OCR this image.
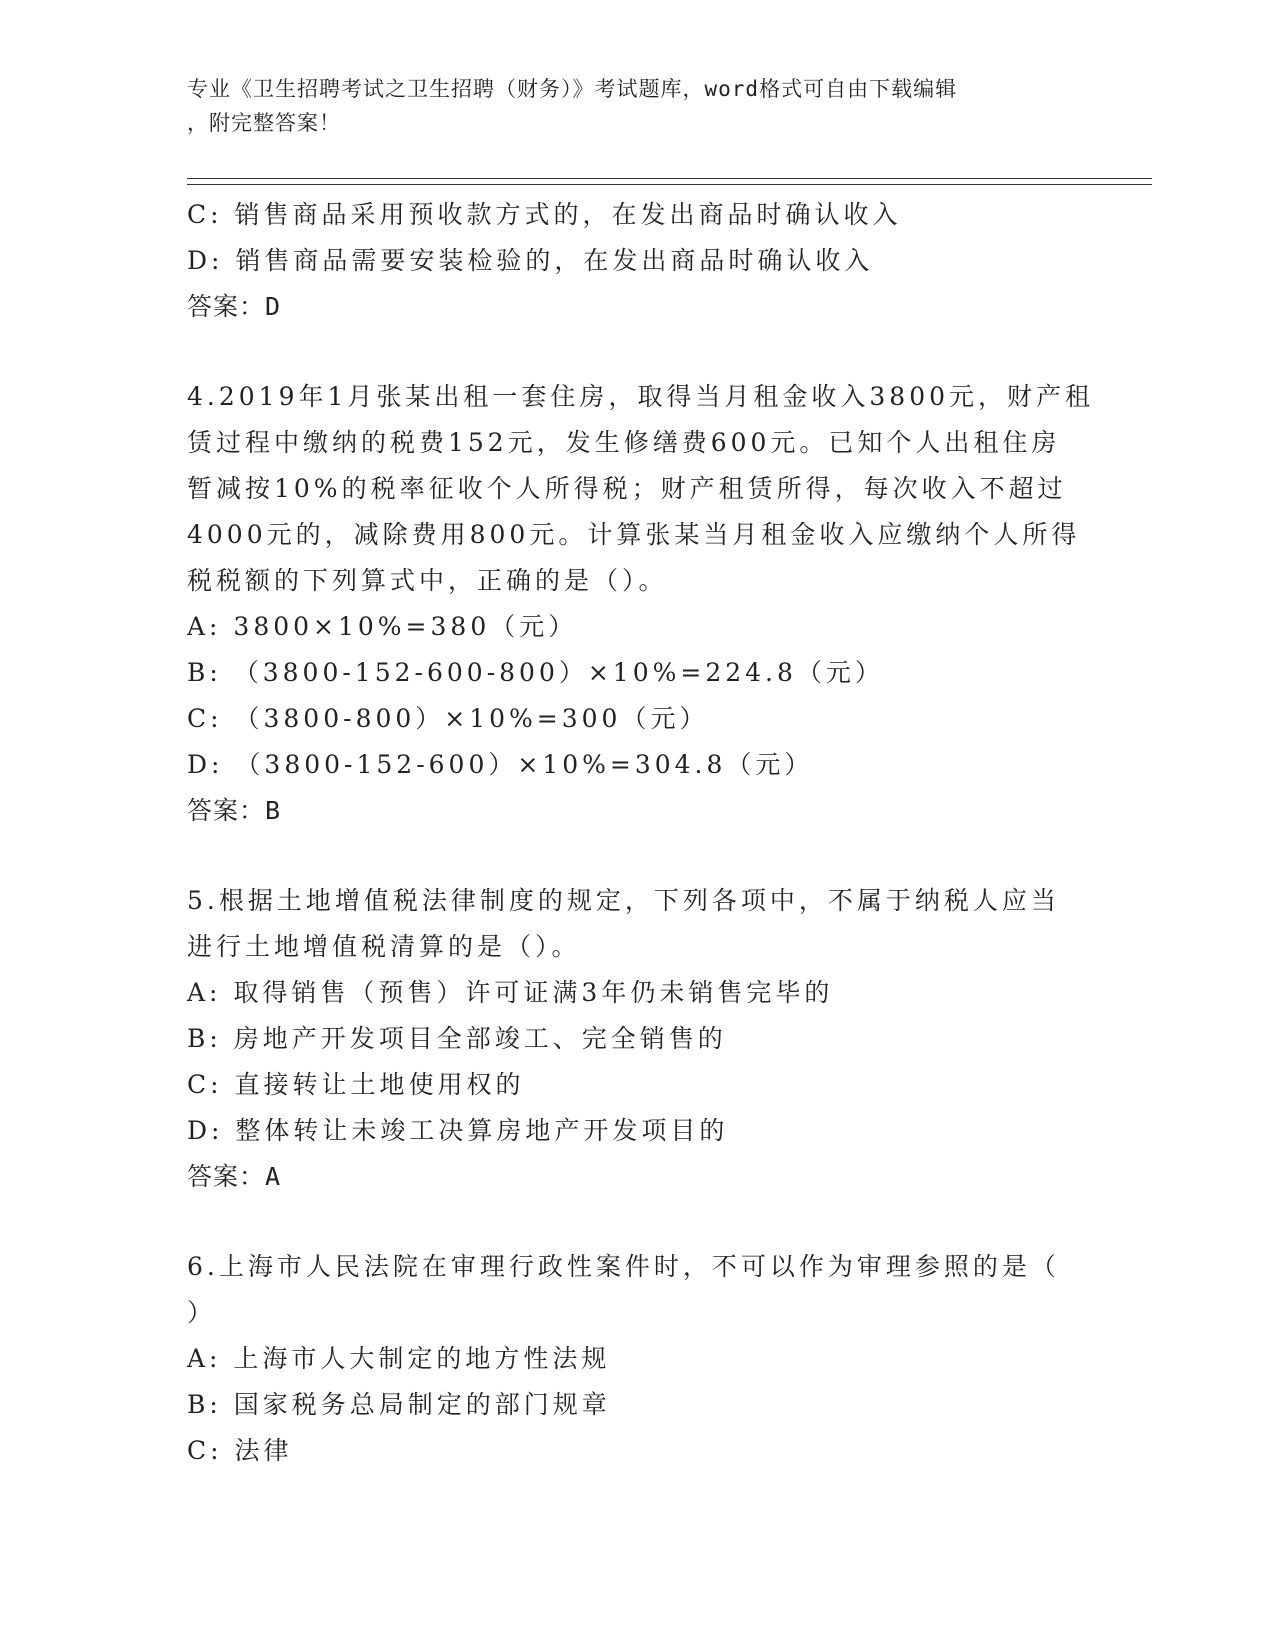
专业《卫生招聘考试之卫生招聘（财务）》考试题库，word格式可自由下载编辑
，附完整答案！
C: 销售商品采用预收款方式的，在发出商品时确认收入
D: 销售商品需要安装检验的，在发出商品时确认收入
答案：D
4.2019年1月张某出租一套住房，取得当月租金收入3800元，财产租
赁过程中缴纳的税费152元，发生修缮费600元。已知个人出租住房
暂减按10%的税率征收个人所得税；财产租赁所得，每次收入不超过
4000元的，减除费用800元。计算张某当月租金收入应缴纳个人所得
税税额的下列算式中，正确的是（）。
A: 3800×10%=380（元）
B: （3800-152-600-800）×10%=224.8（元）
C: （3800-800）×10%=300（元）
D: （3800-152-600）×10%=304.8（元）
答案：B
5.根据土地增值税法律制度的规定，下列各项中，不属于纳税人应当
进行土地增值税清算的是（）。
A: 取得销售（预售）许可证满3年仍未销售完毕的
B: 房地产开发项目全部竣工、完全销售的
C: 直接转让土地使用权的
D: 整体转让未竣工决算房地产开发项目的
答案：A
6.上海市人民法院在审理行政性案件时，不可以作为审理参照的是（
）
A: 上海市人大制定的地方性法规
B: 国家税务总局制定的部门规章
C: 法律
